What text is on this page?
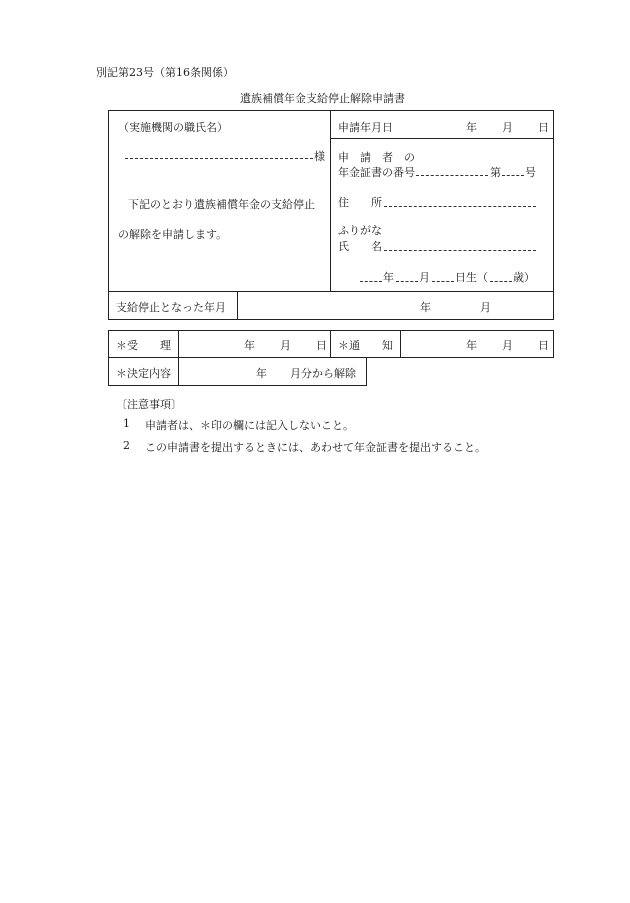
別記第23号（第16条関係）
遺族補償年金支給停止解除申請書
（実施機関の職氏名）
様
下記のとおり遺族補償年金の支給停止
の解除を申請します。
申請年月日	年 月 日
申　請　者　の
年金証書の番号	第 号
住　　所
ふりがな
氏　　名
年 月 日生（ 歳）
支給停止となった年月	年	月
＊受　　理	年 月 日 ＊通　　知	年 月 日
＊決定内容	年 月分から解除
〔注意事項〕
1 申請者は、＊印の欄には記入しないこと。
2 この申請書を提出するときには、あわせて年金証書を提出すること。
